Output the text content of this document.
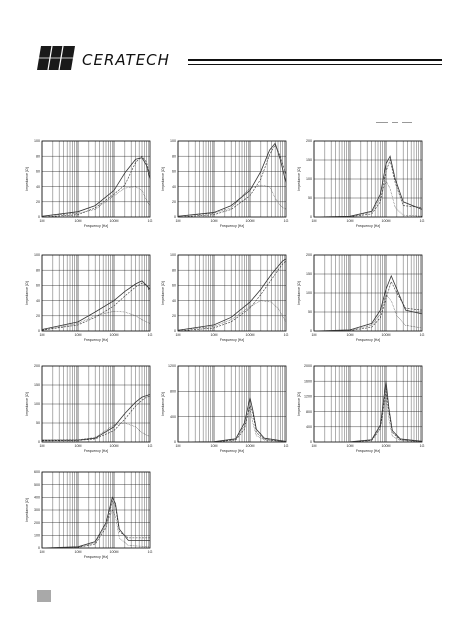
CERATECH
0
20
40
60
80
100
1M	10M	100M	1G
Frequency [Hz]
Impedance [Ω]
0
20
40
60
80
100
1M	10M	100M	1G
Frequency [Hz]
Impedance [Ω]
0
50
100
150
200
1M	10M	100M	1G
Frequency [Hz]
Impedance [Ω]
0
20
40
60
80
100
1M	10M	100M	1G
Frequency [Hz]
Impedance [Ω]
0
20
40
60
80
100
1M	10M	100M	1G
Frequency [Hz]
Impedance [Ω]
0
50
100
150
200
1M	10M	100M	1G
Frequency [Hz]
Impedance [Ω]
0
50
100
150
200
1M	10M	100M	1G
Frequency [Hz]
Impedance [Ω]
0
400
800
1200
1M	10M	100M	1G
Frequency [Hz]
Impedance [Ω]
0
400
800
1200
1600
2000
1M	10M	100M	1G
Frequency [Hz]
Impedance [Ω]
0
100
200
300
400
500
600
1M	10M	100M	1G
Frequency [Hz]
Impedance [Ω]
